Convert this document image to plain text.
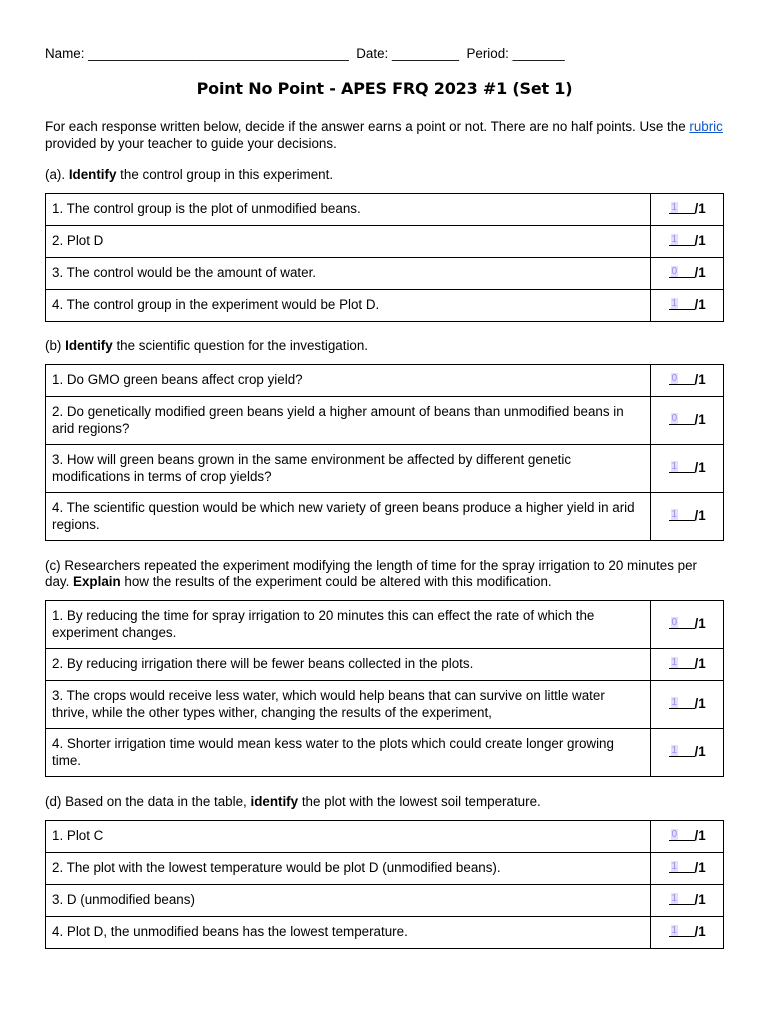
Name: ___________________________________  Date: _________  Period: _______
Point No Point - APES FRQ 2023 #1 (Set 1)
For each response written below, decide if the answer earns a point or not. There are no half points. Use the rubric provided by your teacher to guide your decisions.
(a). Identify the control group in this experiment.
1. The control group is the plot of unmodified beans.	1 /1
2. Plot D	1 /1
3. The control would be the amount of water.	0 /1
4. The control group in the experiment would be Plot D.	1 /1
(b) Identify the scientific question for the investigation.
1. Do GMO green beans affect crop yield?	0 /1
2. Do genetically modified green beans yield a higher amount of beans than unmodified beans in arid regions?	0 /1
3. How will green beans grown in the same environment be affected by different genetic modifications in terms of crop yields?	1 /1
4. The scientific question would be which new variety of green beans produce a higher yield in arid regions.	1 /1
(c) Researchers repeated the experiment modifying the length of time for the spray irrigation to 20 minutes per day. Explain how the results of the experiment could be altered with this modification.
1. By reducing the time for spray irrigation to 20 minutes this can effect the rate of which the experiment changes.	0 /1
2. By reducing irrigation there will be fewer beans collected in the plots.	1 /1
3. The crops would receive less water, which would help beans that can survive on little water thrive, while the other types wither, changing the results of the experiment,	1 /1
4. Shorter irrigation time would mean kess water to the plots which could create longer growing time.	1 /1
(d) Based on the data in the table, identify the plot with the lowest soil temperature.
1. Plot C	0 /1
2. The plot with the lowest temperature would be plot D (unmodified beans).	1 /1
3. D (unmodified beans)	1 /1
4. Plot D, the unmodified beans has the lowest temperature.	1 /1
